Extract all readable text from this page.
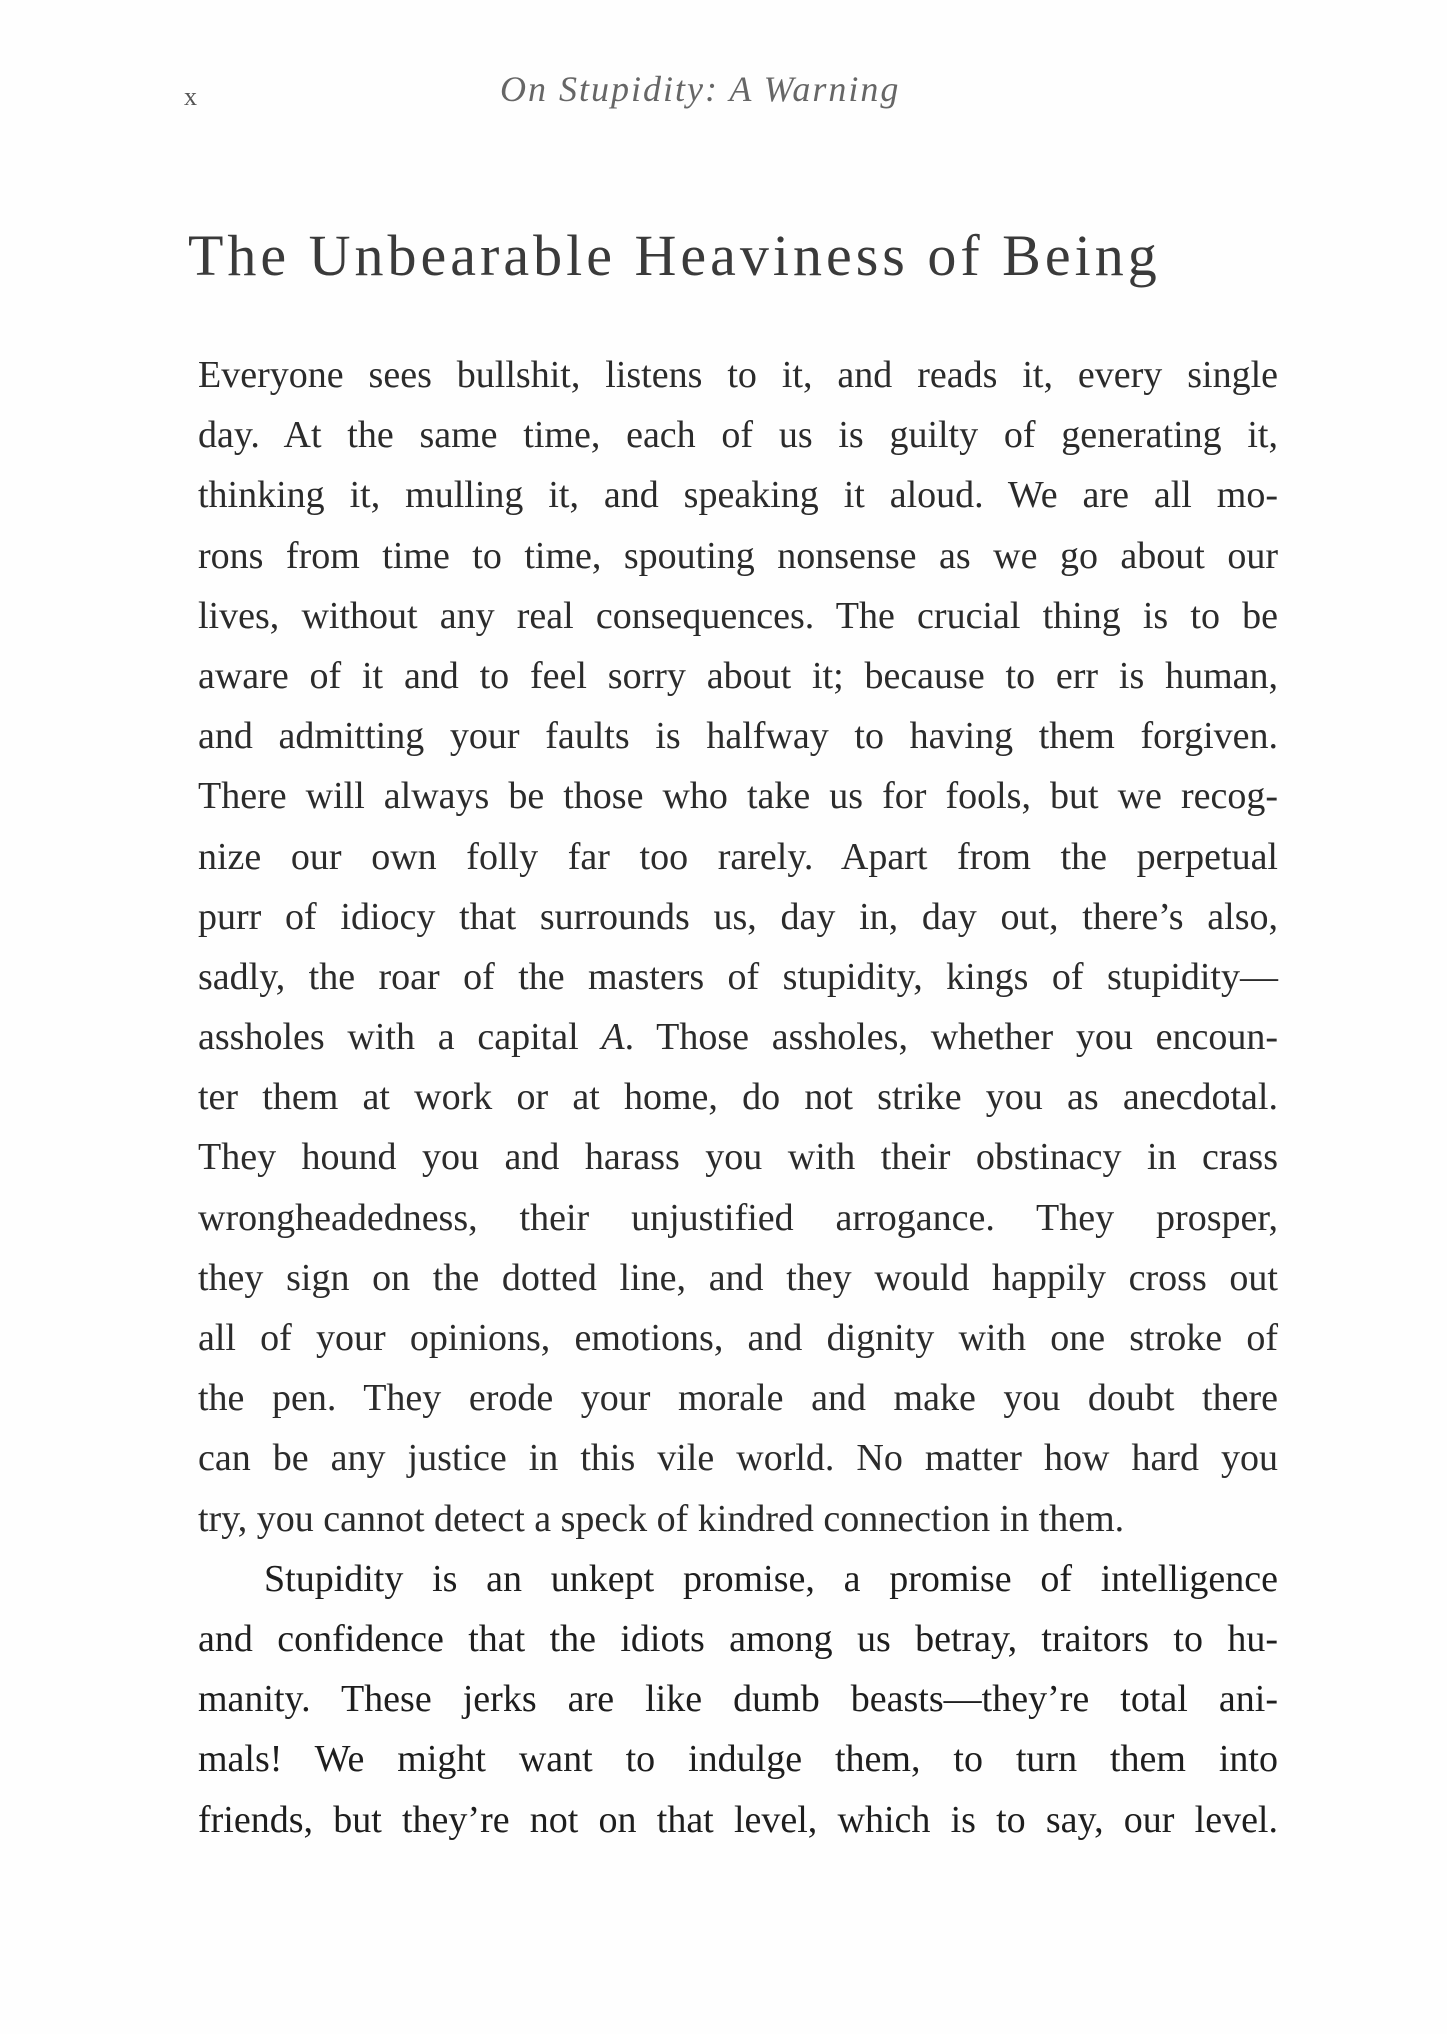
x	On Stupidity: A Warning
The Unbearable Heaviness of Being
Everyone sees bullshit, listens to it, and reads it, every single
day. At the same time, each of us is guilty of generating it,
thinking it, mulling it, and speaking it aloud. We are all mo-
rons from time to time, spouting nonsense as we go about our
lives, without any real consequences. The crucial thing is to be
aware of it and to feel sorry about it; because to err is human,
and admitting your faults is halfway to having them forgiven.
There will always be those who take us for fools, but we recog-
nize our own folly far too rarely. Apart from the perpetual
purr of idiocy that surrounds us, day in, day out, there’s also,
sadly, the roar of the masters of stupidity, kings of stupidity—
assholes with a capital A. Those assholes, whether you encoun-
ter them at work or at home, do not strike you as anecdotal.
They hound you and harass you with their obstinacy in crass
wrongheadedness, their unjustified arrogance. They prosper,
they sign on the dotted line, and they would happily cross out
all of your opinions, emotions, and dignity with one stroke of
the pen. They erode your morale and make you doubt there
can be any justice in this vile world. No matter how hard you
try, you cannot detect a speck of kindred connection in them.
Stupidity is an unkept promise, a promise of intelligence
and confidence that the idiots among us betray, traitors to hu-
manity. These jerks are like dumb beasts—they’re total ani-
mals! We might want to indulge them, to turn them into
friends, but they’re not on that level, which is to say, our level.
